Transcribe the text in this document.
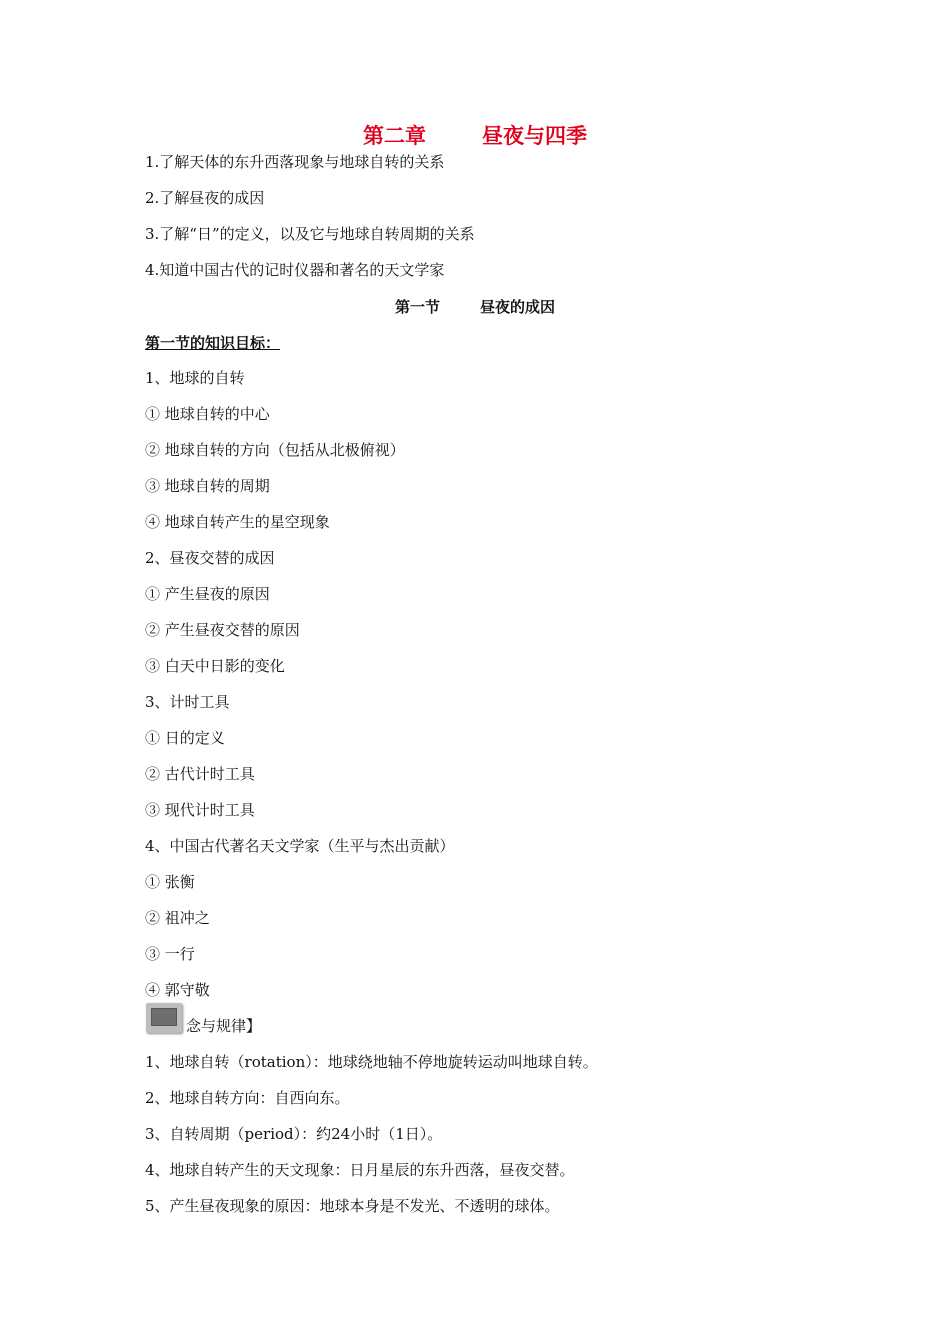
第二章	昼夜与四季
1.了解天体的东升西落现象与地球自转的关系
2.了解昼夜的成因
3.了解“日”的定义，以及它与地球自转周期的关系
4.知道中国古代的记时仪器和著名的天文学家
第一节	昼夜的成因
第一节的知识目标：
1、地球的自转
① 地球自转的中心
② 地球自转的方向（包括从北极俯视）
③ 地球自转的周期
④ 地球自转产生的星空现象
2、昼夜交替的成因
① 产生昼夜的原因
② 产生昼夜交替的原因
③ 白天中日影的变化
3、计时工具
① 日的定义
② 古代计时工具
③ 现代计时工具
4、中国古代著名天文学家（生平与杰出贡献）
① 张衡
② 祖冲之
③ 一行
④ 郭守敬
念与规律】
1、地球自转（rotation）：地球绕地轴不停地旋转运动叫地球自转。
2、地球自转方向：自西向东。
3、自转周期（period）：约24小时（1日）。
4、地球自转产生的天文现象：日月星辰的东升西落，昼夜交替。
5、产生昼夜现象的原因：地球本身是不发光、不透明的球体。
